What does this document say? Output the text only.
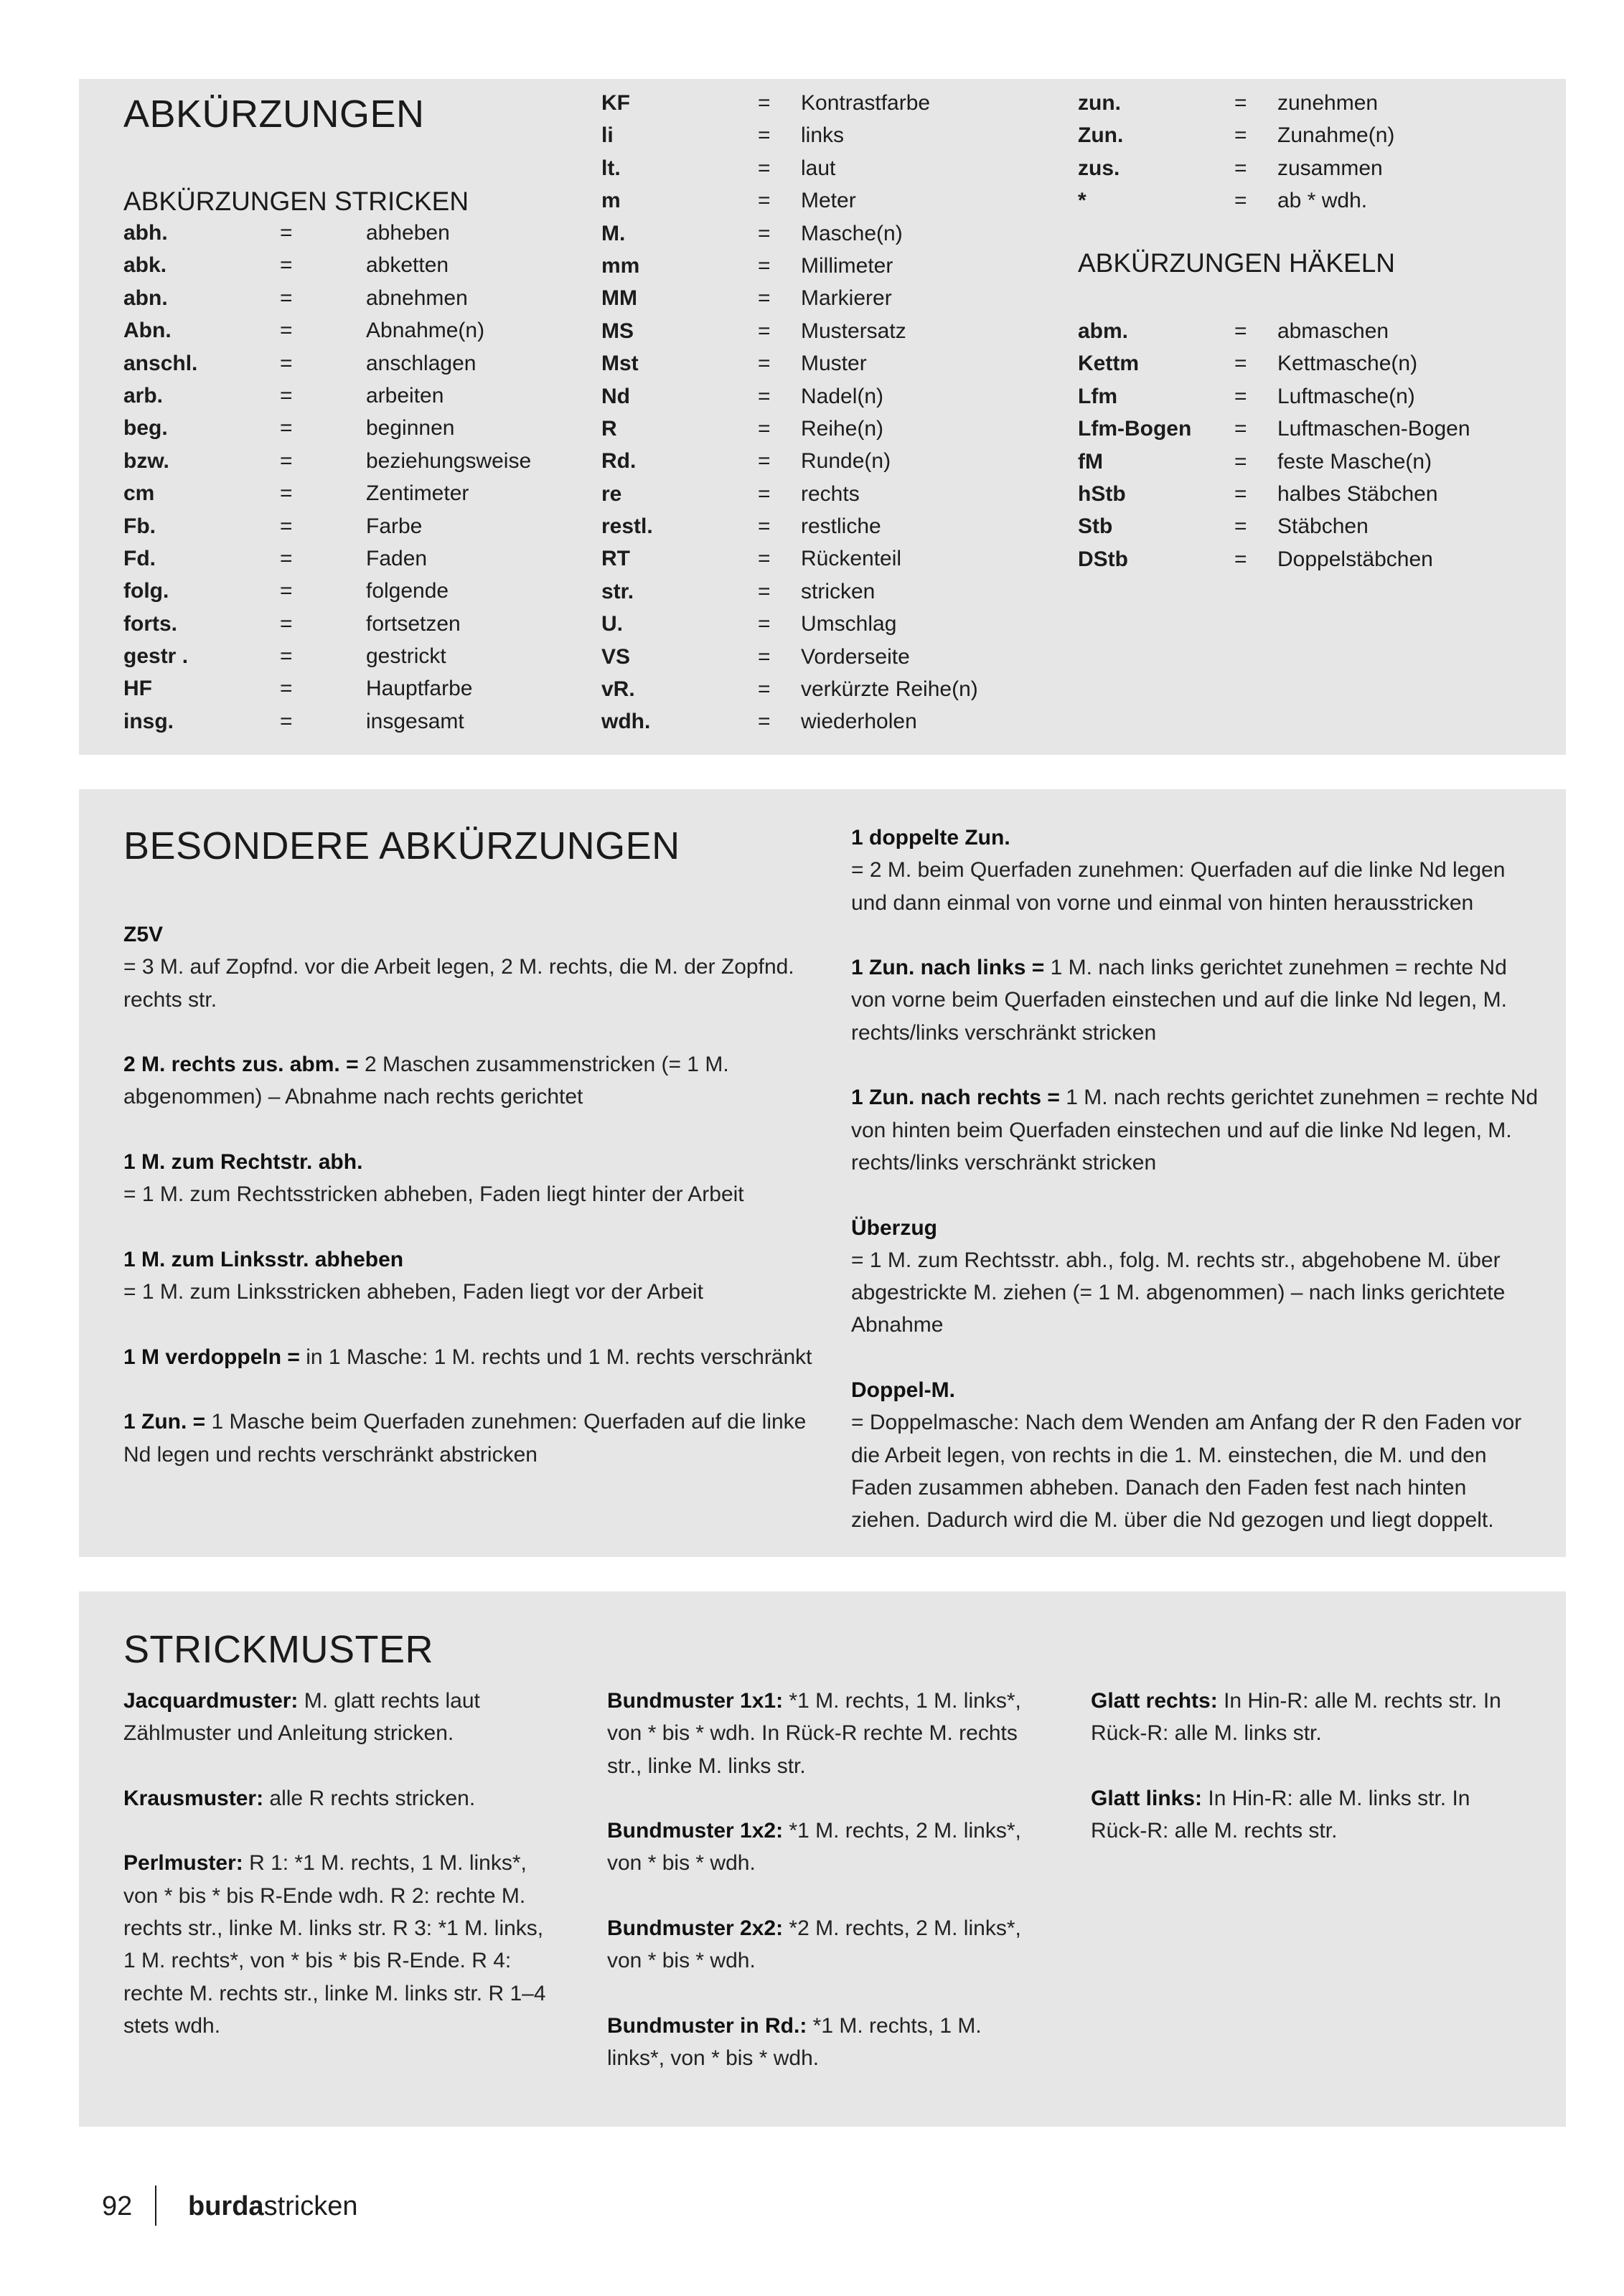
ABKÜRZUNGEN
ABKÜRZUNGEN STRICKEN
abh.	=	abheben
abk.	=	abketten
abn.	=	abnehmen
Abn.	=	Abnahme(n)
anschl.	=	anschlagen
arb.	=	arbeiten
beg.	=	beginnen
bzw.	=	beziehungsweise
cm	=	Zentimeter
Fb.	=	Farbe
Fd.	=	Faden
folg.	=	folgende
forts.	=	fortsetzen
gestr .	=	gestrickt
HF	=	Hauptfarbe
insg.	=	insgesamt
KF	= Kontrastfarbe
li	= links
lt.	= laut
m	= Meter
M.	= Masche(n)
mm	= Millimeter
MM	= Markierer
MS	= Mustersatz
Mst	= Muster
Nd	= Nadel(n)
R	= Reihe(n)
Rd.	= Runde(n)
re	= rechts
restl.	= restliche
RT	= Rückenteil
str.	= stricken
U.	= Umschlag
VS	= Vorderseite
vR.	= verkürzte Reihe(n)
wdh.	= wiederholen
zun.	= zunehmen
Zun.	= Zunahme(n)
zus.	= zusammen
*	= ab * wdh.
ABKÜRZUNGEN HÄKELN
abm.	= abmaschen
Kettm	= Kettmasche(n)
Lfm	= Luftmasche(n)
Lfm-Bogen = Luftmaschen-Bogen
fM	= feste Masche(n)
hStb	= halbes Stäbchen
Stb	= Stäbchen
DStb	= Doppelstäbchen
BESONDERE ABKÜRZUNGEN

Z5V
= 3 M. auf Zopfnd. vor die Arbeit legen, 2 M. rechts, die M. der Zopfnd. rechts str.

2 M. rechts zus. abm. = 2 Maschen zusammenstricken (= 1 M. abgenommen) – Abnahme nach rechts gerichtet

1 M. zum Rechtstr. abh.
= 1 M. zum Rechtsstricken abheben, Faden liegt hinter der Arbeit

1 M. zum Linksstr. abheben
= 1 M. zum Linksstricken abheben, Faden liegt vor der Arbeit

1 M verdoppeln = in 1 Masche: 1 M. rechts und 1 M. rechts verschränkt

1 Zun. = 1 Masche beim Querfaden zunehmen: Querfaden auf die linke Nd legen und rechts verschränkt abstricken

1 doppelte Zun.
= 2 M. beim Querfaden zunehmen: Querfaden auf die linke Nd legen und dann einmal von vorne und einmal von hinten herausstricken

1 Zun. nach links = 1 M. nach links gerichtet zunehmen = rechte Nd von vorne beim Querfaden einstechen und auf die linke Nd legen, M. rechts/links verschränkt stricken

1 Zun. nach rechts = 1 M. nach rechts gerichtet zunehmen = rechte Nd von hinten beim Querfaden einstechen und auf die linke Nd legen, M. rechts/links verschränkt stricken

Überzug
= 1 M. zum Rechtsstr. abh., folg. M. rechts str., abgehobene M. über abgestrickte M. ziehen (= 1 M. abgenommen) – nach links gerichtete Abnahme

Doppel-M.
= Doppelmasche: Nach dem Wenden am Anfang der R den Faden vor die Arbeit legen, von rechts in die 1. M. einstechen, die M. und den Faden zusammen abheben. Danach den Faden fest nach hinten ziehen. Dadurch wird die M. über die Nd gezogen und liegt doppelt.

STRICKMUSTER

Jacquardmuster: M. glatt rechts laut Zählmuster und Anleitung stricken.

Krausmuster: alle R rechts stricken.

Perlmuster: R 1: *1 M. rechts, 1 M. links*, von * bis * bis R-Ende wdh. R 2: rechte M. rechts str., linke M. links str. R 3: *1 M. links, 1 M. rechts*, von * bis * bis R-Ende. R 4: rechte M. rechts str., linke M. links str. R 1–4 stets wdh.

Bundmuster 1x1: *1 M. rechts, 1 M. links*, von * bis * wdh. In Rück-R rechte M. rechts str., linke M. links str.

Bundmuster 1x2: *1 M. rechts, 2 M. links*, von * bis * wdh.

Bundmuster 2x2: *2 M. rechts, 2 M. links*, von * bis * wdh.

Bundmuster in Rd.: *1 M. rechts, 1 M. links*, von * bis * wdh.

Glatt rechts: In Hin-R: alle M. rechts str. In Rück-R: alle M. links str.

Glatt links: In Hin-R: alle M. links str. In Rück-R: alle M. rechts str.

92 burdastricken
